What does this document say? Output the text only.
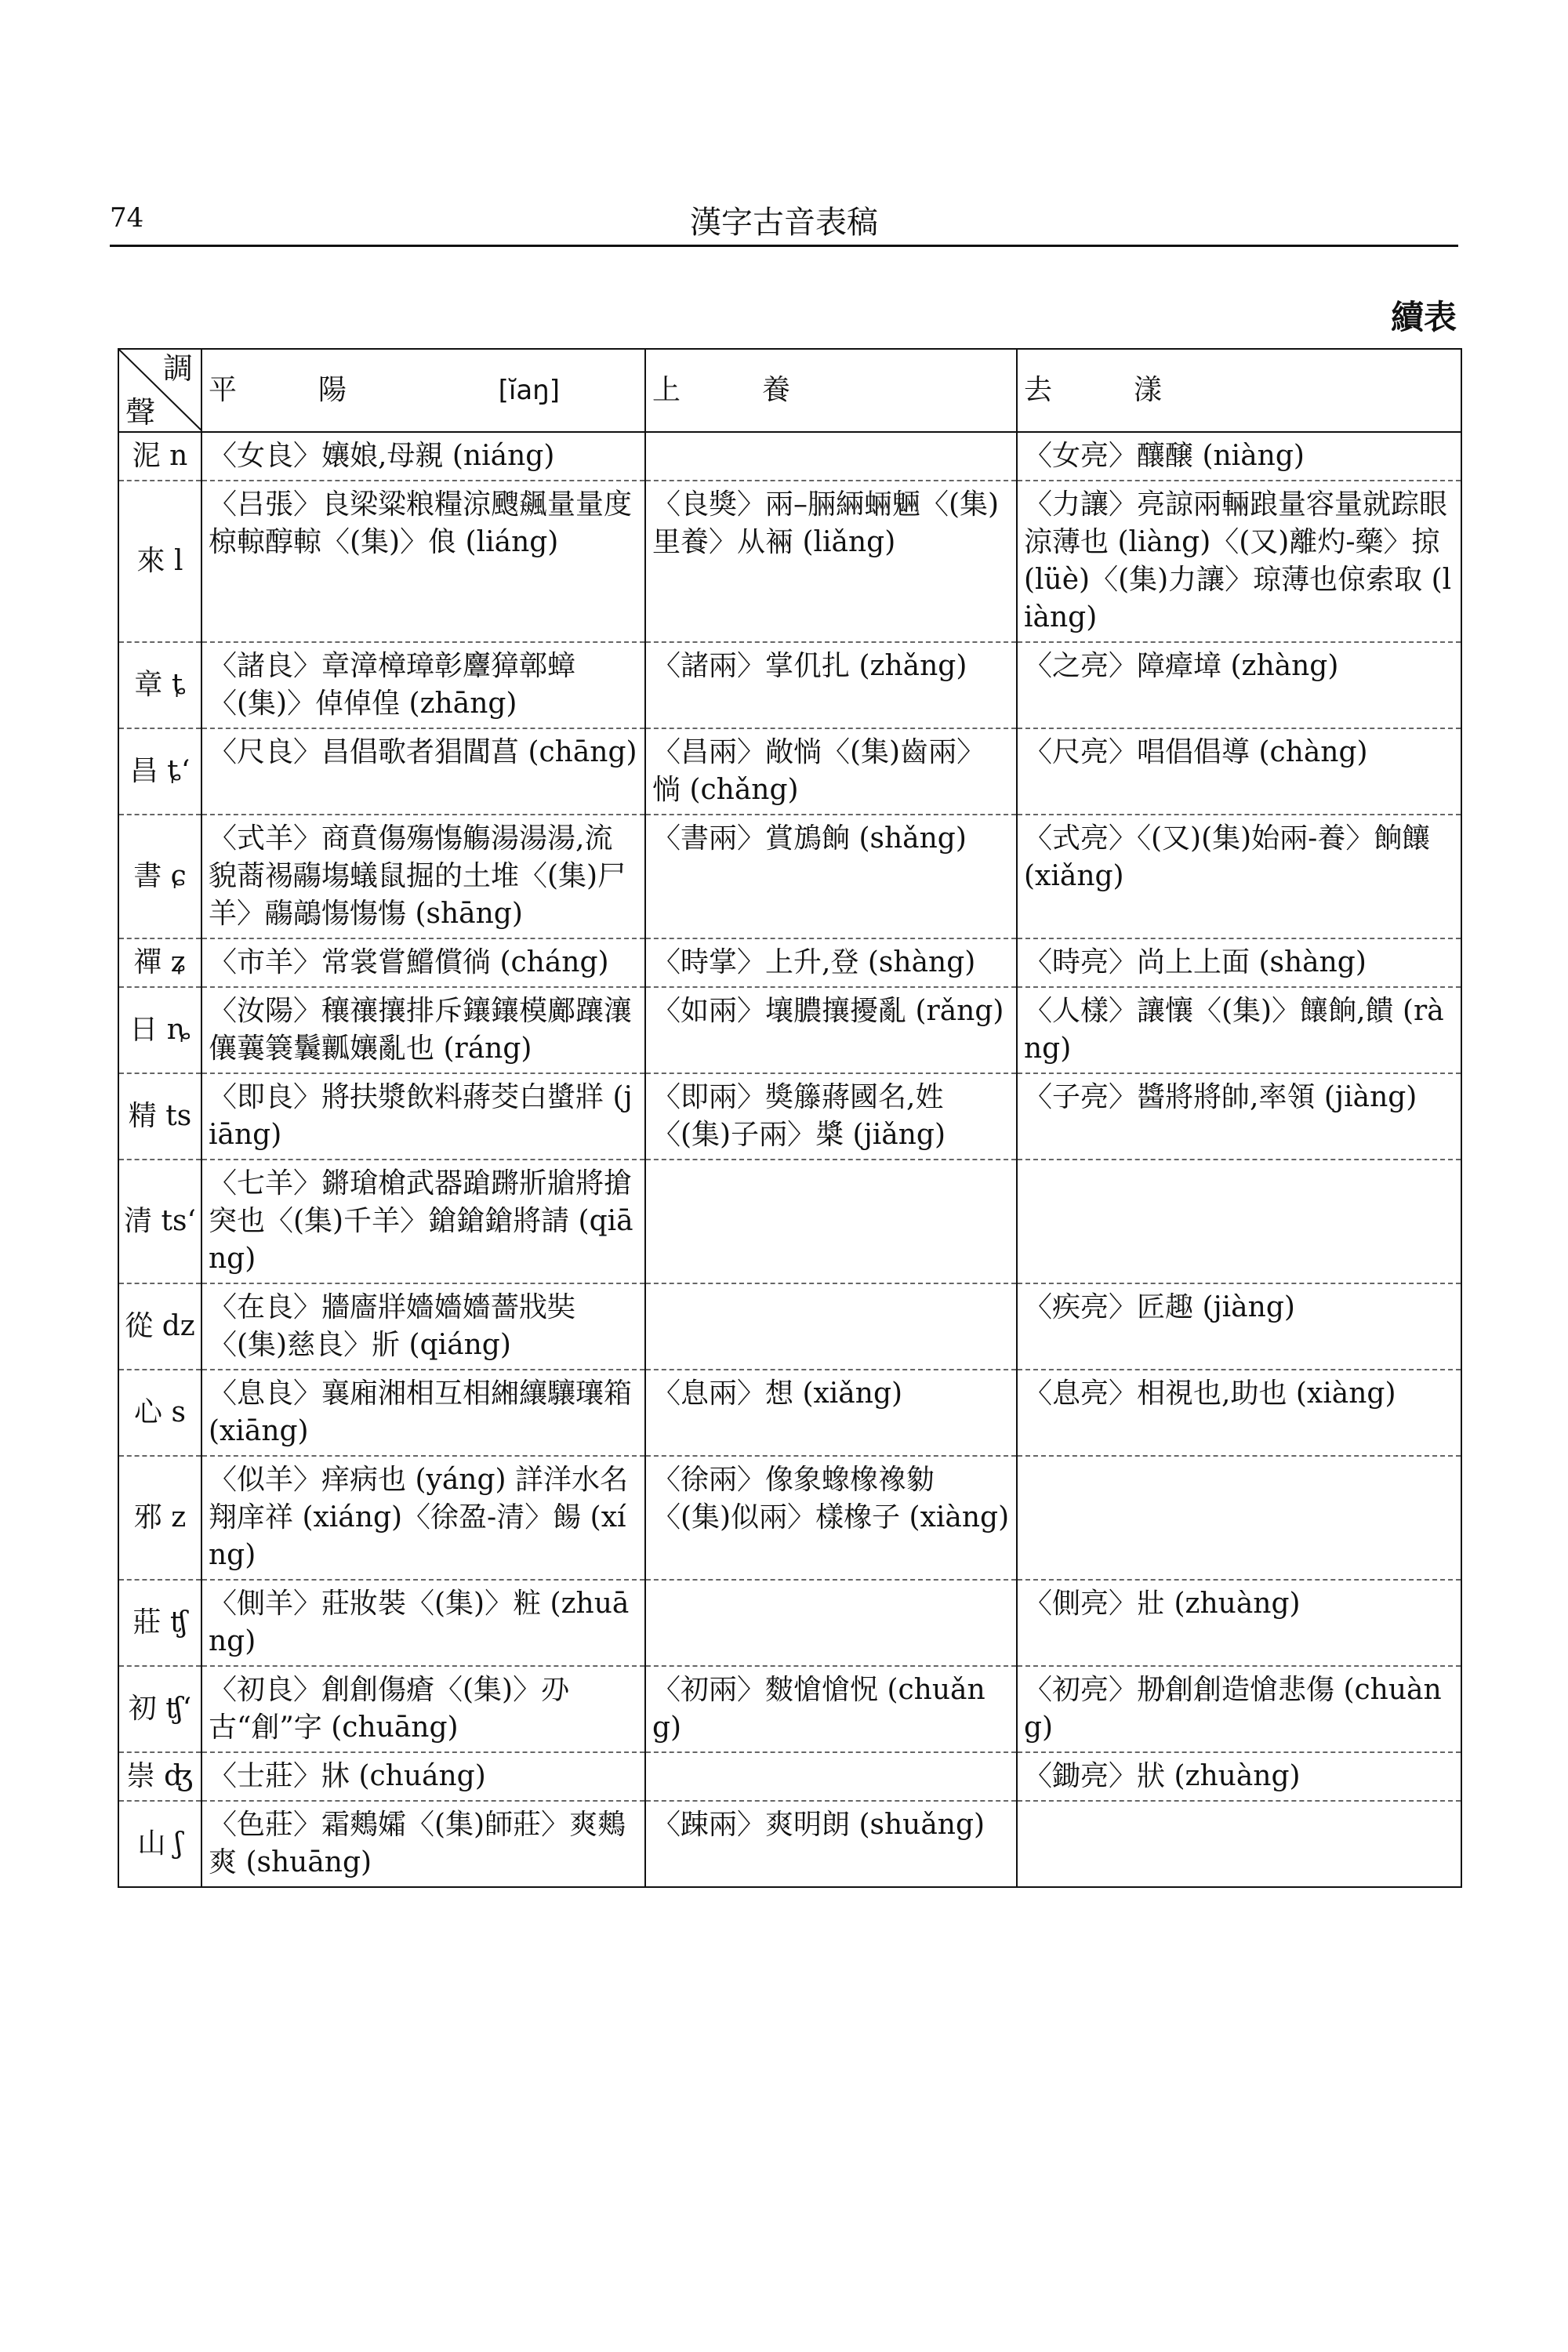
74	漢字古音表稿
續表
調
聲	平　陽 [ĭaŋ]	上　養	去　漾
泥 n	〈女良〉孃娘,母親 (niáng)		〈女亮〉釀醸 (niàng)
來 l	〈吕張〉良梁粱粮糧涼颼飆量量度椋輬醇輬〈(集)〉俍 (liáng)	〈良獎〉兩–脼緉蜽魎〈(集)里養〉从裲 (liǎng)	〈力讓〉亮諒兩輛踉量容量就踪眼涼薄也 (liàng)〈(又)離灼-藥〉掠 (lüè)〈(集)力讓〉琼薄也倞索取 (liàng)
章 ȶ	〈諸良〉章漳樟璋彰麞獐鄣蟑〈(集)〉倬倬偟 (zhāng)	〈諸兩〉掌仉扎 (zhǎng)	〈之亮〉障瘴墇 (zhàng)
昌 ȶʻ	〈尺良〉昌倡歌者猖閶菖 (chāng)	〈昌兩〉敞惝〈(集)齒兩〉惝 (chǎng)	〈尺亮〉唱倡倡導 (chàng)
書 ɕ	〈式羊〉商賁傷殤慯觴湯湯湯,流貌蔏裼鬺塲蟻鼠掘的土堆〈(集)尸羊〉鬺鶮慯慯慯 (shāng)	〈書兩〉賞鴋餉 (shǎng)	〈式亮〉〈(又)(集)始兩-養〉餉饟 (xiǎng)
禪 ʑ	〈市羊〉常裳嘗鱨償徜 (cháng)	〈時掌〉上升,登 (shàng)	〈時亮〉尚上上面 (shàng)
日 ȵ	〈汝陽〉穰禳攘排斥鑲鑲模鄺躟瀼儴蘘簔鬤瓤孃亂也 (ráng)	〈如兩〉壤膿攘擾亂 (rǎng)	〈人樣〉讓懹〈(集)〉饟餉,饋 (ràng)
精 ts	〈即良〉將扶漿飲料蔣茭白螿牂 (jiāng)	〈即兩〉獎籐蔣國名,姓〈(集)子兩〉槳 (jiǎng)	〈子亮〉醬將將帥,率領 (jiàng)
清 tsʻ	〈七羊〉鏘瑲槍武器蹌蹡斨牄將搶突也〈(集)千羊〉鎗鎗鎗將請 (qiāng)		
從 dz	〈在良〉牆廧牂嬙嬙嬙薔戕奘〈(集)慈良〉斨 (qiáng)		〈疾亮〉匠趣 (jiàng)
心 s	〈息良〉襄廂湘相互相緗纕驤瓖箱 (xiāng)	〈息兩〉想 (xiǎng)	〈息亮〉相視也,助也 (xiàng)
邪 z	〈似羊〉痒病也 (yáng) 詳洋水名翔庠祥 (xiáng)〈徐盈-清〉餳 (xíng)	〈徐兩〉像象蟓橡襐勨〈(集)似兩〉樣橡子 (xiàng)	
莊 ʧ	〈側羊〉莊妝裝〈(集)〉粧 (zhuāng)		〈側亮〉壯 (zhuàng)
初 ʧʻ	〈初良〉創創傷瘡〈(集)〉刅古“創”字 (chuāng)	〈初兩〉麬愴愴怳 (chuǎng)	〈初亮〉刱創創造愴悲傷 (chuàng)
崇 ʤ	〈士莊〉牀 (chuáng)		〈鋤亮〉狀 (zhuàng)
山 ʃ	〈色莊〉霜鷞孀〈(集)師莊〉爽鷞爽 (shuāng)	〈踈兩〉爽明朗 (shuǎng)	
